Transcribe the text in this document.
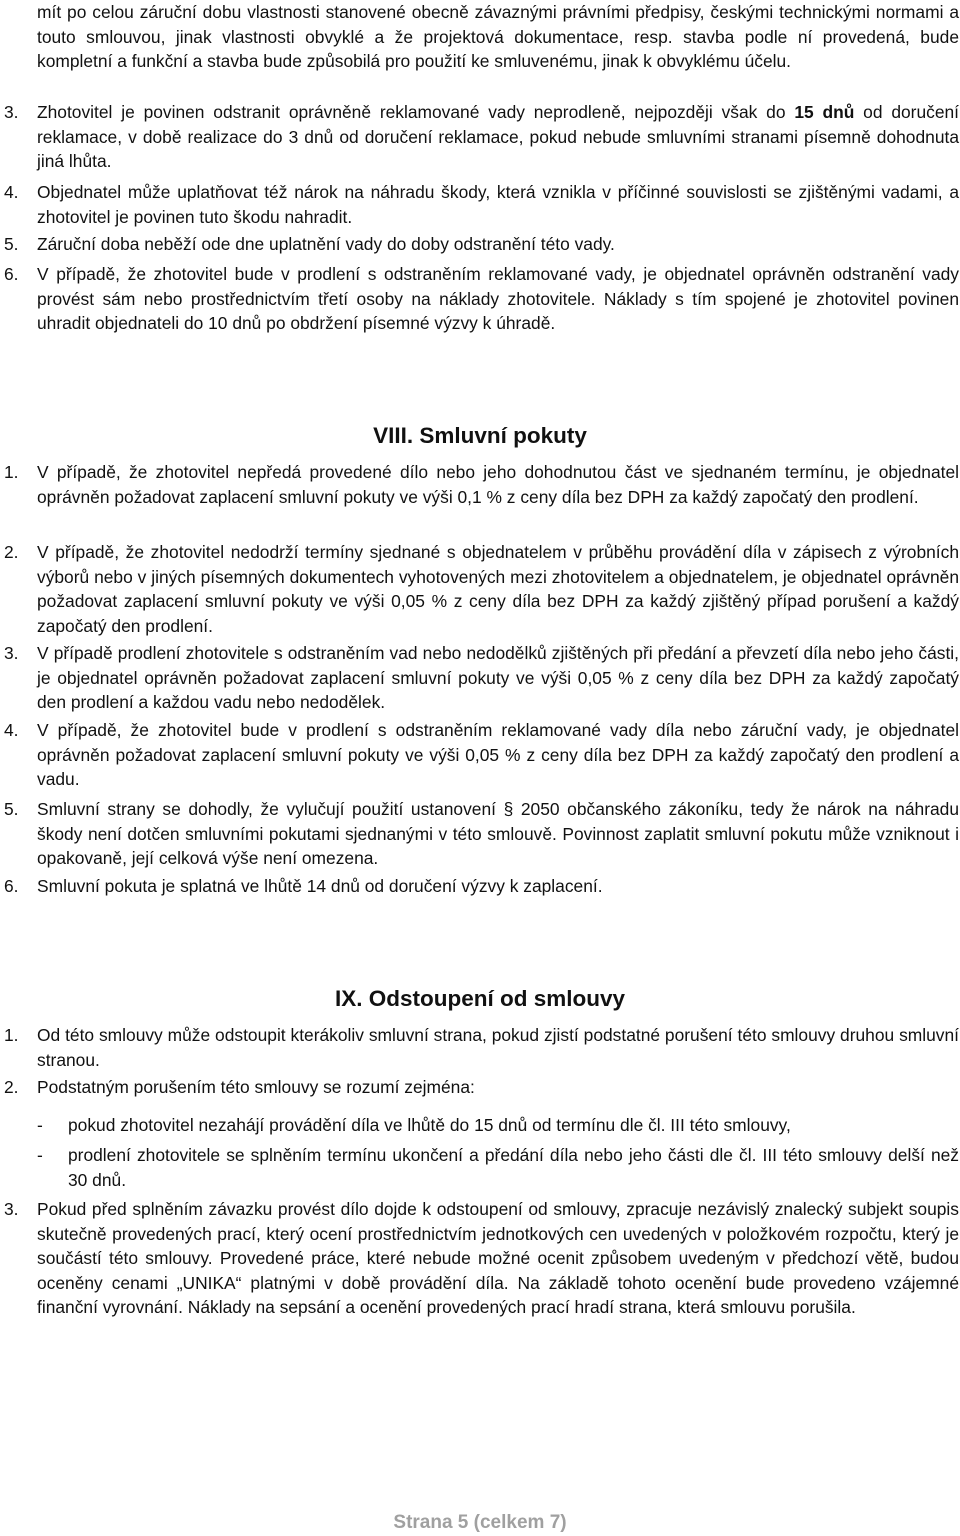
mít po celou záruční dobu vlastnosti stanovené obecně závaznými právními předpisy, českými technickými normami a touto smlouvou, jinak vlastnosti obvyklé a že projektová dokumentace, resp. stavba podle ní provedená, bude kompletní a funkční a stavba bude způsobilá pro použití ke smluvenému, jinak k obvyklému účelu.
3.	Zhotovitel je povinen odstranit oprávněně reklamované vady neprodleně, nejpozději však do 15 dnů od doručení reklamace, v době realizace do 3 dnů od doručení reklamace, pokud nebude smluvními stranami písemně dohodnuta jiná lhůta.
4.	Objednatel může uplatňovat též nárok na náhradu škody, která vznikla v příčinné souvislosti se zjištěnými vadami, a zhotovitel je povinen tuto škodu nahradit.
5.	Záruční doba neběží ode dne uplatnění vady do doby odstranění této vady.
6.	V případě, že zhotovitel bude v prodlení s odstraněním reklamované vady, je objednatel oprávněn odstranění vady provést sám nebo prostřednictvím třetí osoby na náklady zhotovitele. Náklady s tím spojené je zhotovitel povinen uhradit objednateli do 10 dnů po obdržení písemné výzvy k úhradě.
VIII. Smluvní pokuty
1.	V případě, že zhotovitel nepředá provedené dílo nebo jeho dohodnutou část ve sjednaném termínu, je objednatel oprávněn požadovat zaplacení smluvní pokuty ve výši 0,1 % z ceny díla bez DPH za každý započatý den prodlení.
2.	V případě, že zhotovitel nedodrží termíny sjednané s objednatelem v průběhu provádění díla v zápisech z výrobních výborů nebo v jiných písemných dokumentech vyhotovených mezi zhotovitelem a objednatelem, je objednatel oprávněn požadovat zaplacení smluvní pokuty ve výši 0,05 % z ceny díla bez DPH za každý zjištěný případ porušení a každý započatý den prodlení.
3.	V případě prodlení zhotovitele s odstraněním vad nebo nedodělků zjištěných při předání a převzetí díla nebo jeho části, je objednatel oprávněn požadovat zaplacení smluvní pokuty ve výši 0,05 % z ceny díla bez DPH za každý započatý den prodlení a každou vadu nebo nedodělek.
4.	V případě, že zhotovitel bude v prodlení s odstraněním reklamované vady díla nebo záruční vady, je objednatel oprávněn požadovat zaplacení smluvní pokuty ve výši 0,05 % z ceny díla bez DPH za každý započatý den prodlení a vadu.
5.	Smluvní strany se dohodly, že vylučují použití ustanovení § 2050 občanského zákoníku, tedy že nárok na náhradu škody není dotčen smluvními pokutami sjednanými v této smlouvě. Povinnost zaplatit smluvní pokutu může vzniknout i opakovaně, její celková výše není omezena.
6.	Smluvní pokuta je splatná ve lhůtě 14 dnů od doručení výzvy k zaplacení.
IX. Odstoupení od smlouvy
1.	Od této smlouvy může odstoupit kterákoliv smluvní strana, pokud zjistí podstatné porušení této smlouvy druhou smluvní stranou.
2.	Podstatným porušením této smlouvy se rozumí zejména:
-	pokud zhotovitel nezahájí provádění díla ve lhůtě do 15 dnů od termínu dle čl. III této smlouvy,
-	prodlení zhotovitele se splněním termínu ukončení a předání díla nebo jeho části dle čl. III této smlouvy delší než 30 dnů.
3.	Pokud před splněním závazku provést dílo dojde k odstoupení od smlouvy, zpracuje nezávislý znalecký subjekt soupis skutečně provedených prací, který ocení prostřednictvím jednotkových cen uvedených v položkovém rozpočtu, který je součástí této smlouvy. Provedené práce, které nebude možné ocenit způsobem uvedeným v předchozí větě, budou oceněny cenami „UNIKA“ platnými v době provádění díla. Na základě tohoto ocenění bude provedeno vzájemné finanční vyrovnání. Náklady na sepsání a ocenění provedených prací hradí strana, která smlouvu porušila.
Strana 5 (celkem 7)
